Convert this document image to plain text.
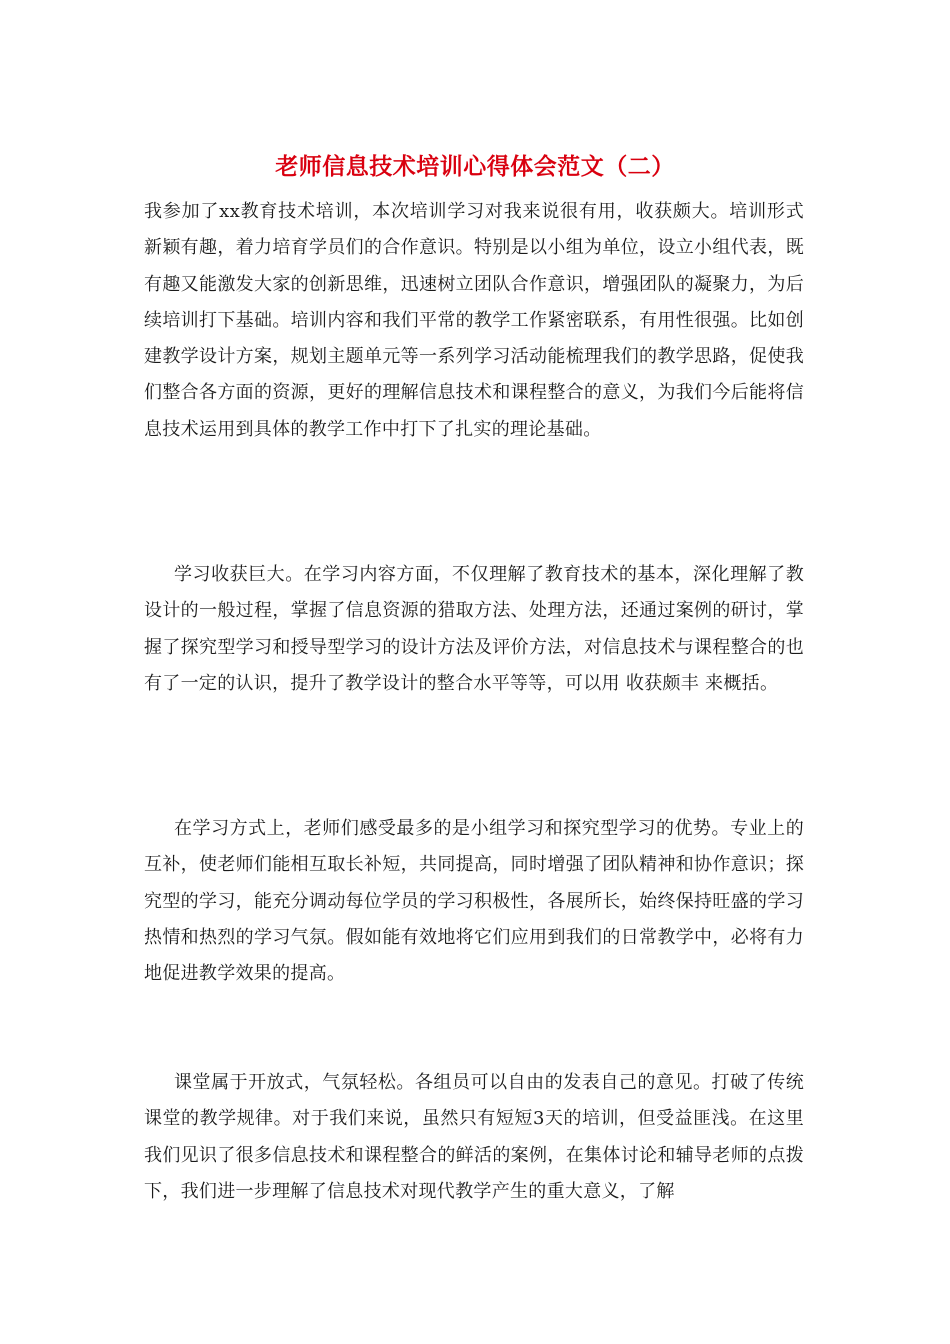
老师信息技术培训心得体会范文（二）

我参加了xx教育技术培训，本次培训学习对我来说很有用，收获颇大。培训形式新颖有趣，着力培育学员们的合作意识。特别是以小组为单位，设立小组代表，既有趣又能激发大家的创新思维，迅速树立团队合作意识，增强团队的凝聚力，为后续培训打下基础。培训内容和我们平常的教学工作紧密联系，有用性很强。比如创建教学设计方案，规划主题单元等一系列学习活动能梳理我们的教学思路，促使我们整合各方面的资源，更好的理解信息技术和课程整合的意义，为我们今后能将信息技术运用到具体的教学工作中打下了扎实的理论基础。

学习收获巨大。在学习内容方面，不仅理解了教育技术的基本，深化理解了教设计的一般过程，掌握了信息资源的猎取方法、处理方法，还通过案例的研讨，掌握了探究型学习和授导型学习的设计方法及评价方法，对信息技术与课程整合的也有了一定的认识，提升了教学设计的整合水平等等，可以用 收获颇丰 来概括。

在学习方式上，老师们感受最多的是小组学习和探究型学习的优势。专业上的互补，使老师们能相互取长补短，共同提高，同时增强了团队精神和协作意识；探究型的学习，能充分调动每位学员的学习积极性，各展所长，始终保持旺盛的学习热情和热烈的学习气氛。假如能有效地将它们应用到我们的日常教学中，必将有力地促进教学效果的提高。

课堂属于开放式，气氛轻松。各组员可以自由的发表自己的意见。打破了传统课堂的教学规律。对于我们来说，虽然只有短短3天的培训，但受益匪浅。在这里我们见识了很多信息技术和课程整合的鲜活的案例，在集体讨论和辅导老师的点拨下，我们进一步理解了信息技术对现代教学产生的重大意义，了解
